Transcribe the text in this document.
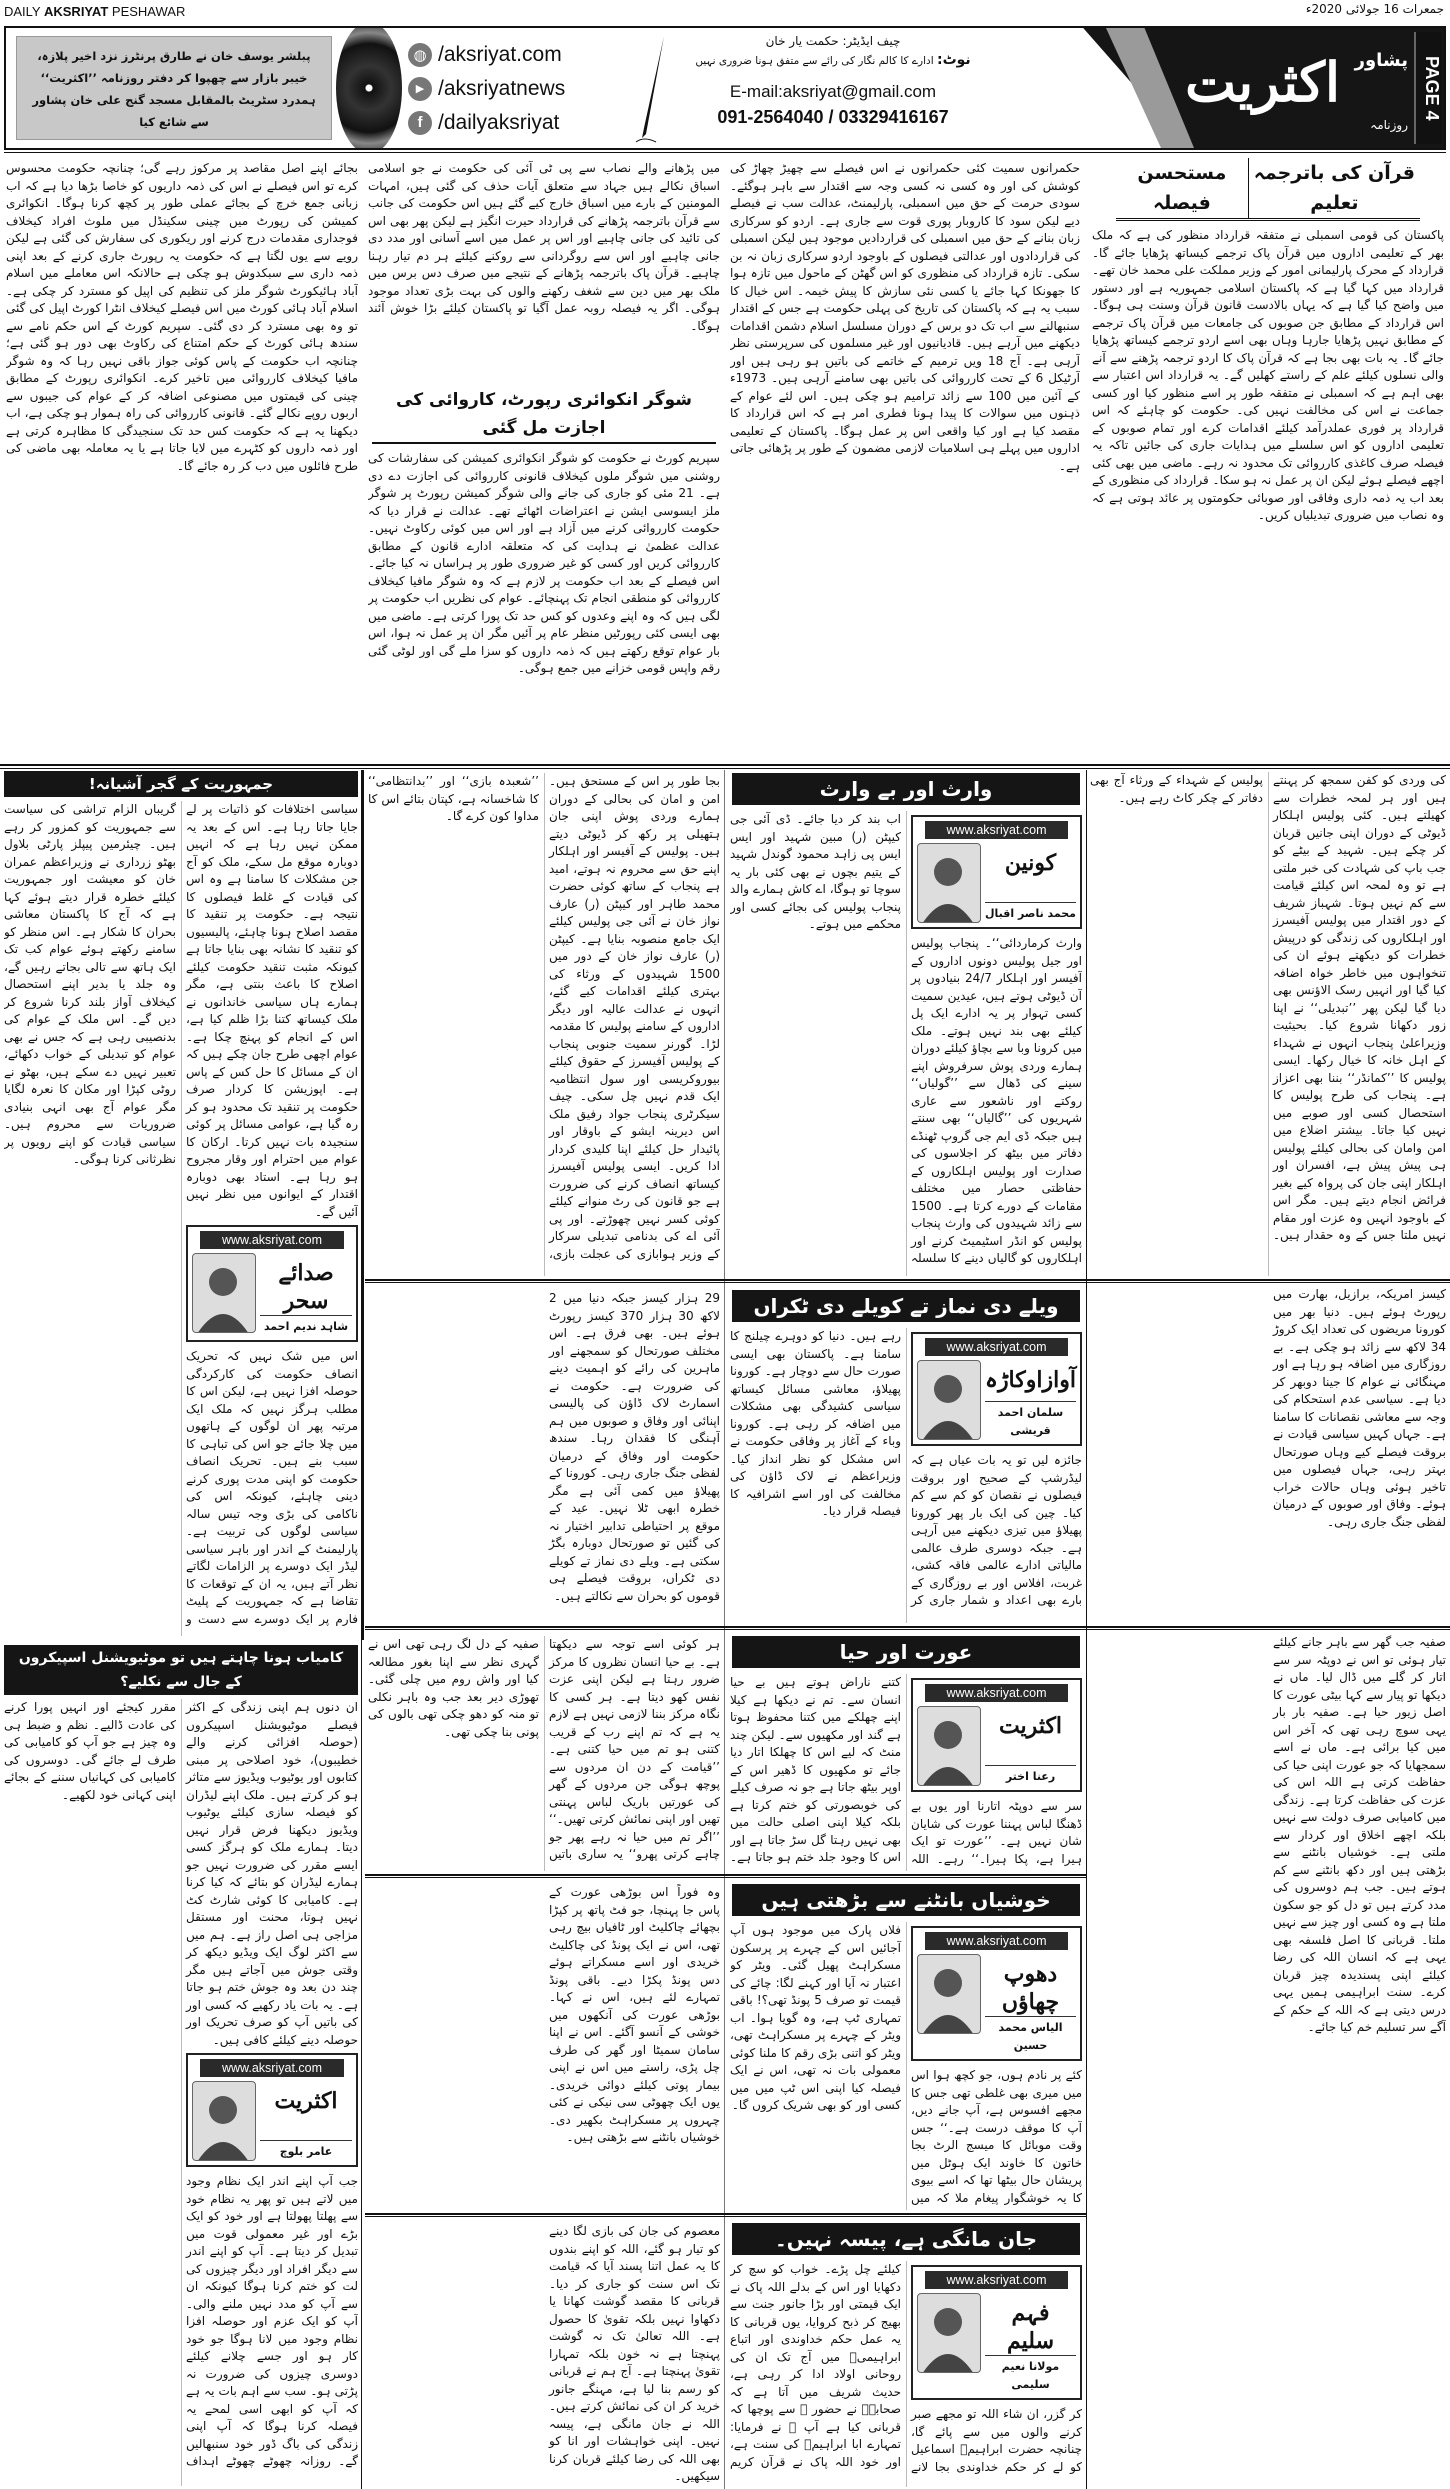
DAILY AKSRIYAT PESHAWAR	جمعرات 16 جولائی 2020ء
PAGE 4
اکثریت پشاور
روزنامہ
چیف ایڈیٹر: حکمت یار خان
نوٹ: ادارے کا کالم نگار کی رائے سے متفق ہونا ضروری نہیں
E-mail:aksriyat@gmail.com
091-2564040 / 03329416167
◍ /aksriyat.com
▶ /aksriyatnews
f /dailyaksriyat
پبلشر یوسف خان نے طارق پرنٹرز نزد اخیر پلازہ، خیبر بازار سے چھپوا کر دفتر روزنامہ ’’اکثریت‘‘ ہمدرد سٹریٹ بالمقابل مسجد گنج علی خان پشاور سے شائع کیا
قرآن کی باترجمہ تعلیم
مستحسن فیصلہ
پاکستان کی قومی اسمبلی نے متفقہ قرارداد منظور کی ہے کہ ملک بھر کے تعلیمی اداروں میں قرآن پاک ترجمے کیساتھ پڑھایا جائے گا۔ قرارداد کے محرک پارلیمانی امور کے وزیر مملکت علی محمد خان تھے۔ قرارداد میں کہا گیا ہے کہ پاکستان اسلامی جمہوریہ ہے اور دستور میں واضح کیا گیا ہے کہ یہاں بالادست قانون قرآن وسنت ہی ہوگا۔ اس قرارداد کے مطابق جن صوبوں کی جامعات میں قرآن پاک ترجمے کے مطابق نہیں پڑھایا جارہا وہاں بھی اسے اردو ترجمے کیساتھ پڑھایا جائے گا۔ یہ بات بھی بجا ہے کہ قرآن پاک کا اردو ترجمہ پڑھنے سے آنے والی نسلوں کیلئے علم کے راستے کھلیں گے۔ یہ قرارداد اس اعتبار سے بھی اہم ہے کہ اسمبلی نے متفقہ طور پر اسے منظور کیا اور کسی جماعت نے اس کی مخالفت نہیں کی۔ حکومت کو چاہئے کہ اس قرارداد پر فوری عملدرآمد کیلئے اقدامات کرے اور تمام صوبوں کے تعلیمی اداروں کو اس سلسلے میں ہدایات جاری کی جائیں تاکہ یہ فیصلہ صرف کاغذی کارروائی تک محدود نہ رہے۔ ماضی میں بھی کئی اچھے فیصلے ہوئے لیکن ان پر عمل نہ ہو سکا۔ قرارداد کی منظوری کے بعد اب یہ ذمہ داری وفاقی اور صوبائی حکومتوں پر عائد ہوتی ہے کہ وہ نصاب میں ضروری تبدیلیاں کریں۔
حکمرانوں سمیت کئی حکمرانوں نے اس فیصلے سے چھیڑ چھاڑ کی کوشش کی اور وہ کسی نہ کسی وجہ سے اقتدار سے باہر ہوگئے۔ سودی حرمت کے حق میں اسمبلی، پارلیمنٹ، عدالت سب نے فیصلے دیے لیکن سود کا کاروبار پوری قوت سے جاری ہے۔ اردو کو سرکاری زبان بنانے کے حق میں اسمبلی کی قراردادیں موجود ہیں لیکن اسمبلی کی قراردادوں اور عدالتی فیصلوں کے باوجود اردو سرکاری زبان نہ بن سکی۔ تازہ قرارداد کی منظوری کو اس گھٹن کے ماحول میں تازہ ہوا کا جھونکا کہا جائے یا کسی نئی سازش کا پیش خیمہ۔ اس خیال کا سبب یہ ہے کہ پاکستان کی تاریخ کی پہلی حکومت ہے جس کے اقتدار سنبھالنے سے اب تک دو برس کے دوران مسلسل اسلام دشمن اقدامات دیکھنے میں آرہے ہیں۔ قادیانیوں اور غیر مسلموں کی سرپرستی نظر آرہی ہے۔ آج 18 ویں ترمیم کے خاتمے کی باتیں ہو رہی ہیں اور آرٹیکل 6 کے تحت کارروائی کی باتیں بھی سامنے آرہی ہیں۔ 1973ء کے آئین میں 100 سے زائد ترامیم ہو چکی ہیں۔ اس لئے عوام کے ذہنوں میں سوالات کا پیدا ہونا فطری امر ہے کہ اس قرارداد کا مقصد کیا ہے اور کیا واقعی اس پر عمل ہوگا۔ پاکستان کے تعلیمی اداروں میں پہلے ہی اسلامیات لازمی مضمون کے طور پر پڑھائی جاتی ہے۔
میں پڑھانے والے نصاب سے پی ٹی آئی کی حکومت نے جو اسلامی اسباق نکالے ہیں جہاد سے متعلق آیات حذف کی گئی ہیں، امہات المومنین کے بارے میں اسباق خارج کیے گئے ہیں اس حکومت کی جانب سے قرآن باترجمہ پڑھانے کی قرارداد حیرت انگیز ہے لیکن پھر بھی اس کی تائید کی جانی چاہیے اور اس پر عمل میں اسے آسانی اور مدد دی جانی چاہیے اور اس سے روگردانی سے روکنے کیلئے ہر دم تیار رہنا چاہیے۔ قرآن پاک باترجمہ پڑھانے کے نتیجے میں صرف دس برس میں ملک بھر میں دین سے شغف رکھنے والوں کی بہت بڑی تعداد موجود ہوگی۔ اگر یہ فیصلہ روبہ عمل آگیا تو پاکستان کیلئے بڑا خوش آئند ہوگا۔
شوگر انکوائری رپورٹ، کاروائی کی اجازت مل گئی
سپریم کورٹ نے حکومت کو شوگر انکوائری کمیشن کی سفارشات کی روشنی میں شوگر ملوں کیخلاف قانونی کارروائی کی اجازت دے دی ہے۔ 21 مئی کو جاری کی جانے والی شوگر کمیشن رپورٹ پر شوگر ملز ایسوسی ایشن نے اعتراضات اٹھائے تھے۔ عدالت نے قرار دیا کہ حکومت کارروائی کرنے میں آزاد ہے اور اس میں کوئی رکاوٹ نہیں۔ عدالت عظمیٰ نے ہدایت کی کہ متعلقہ ادارے قانون کے مطابق کارروائی کریں اور کسی کو غیر ضروری طور پر ہراساں نہ کیا جائے۔ اس فیصلے کے بعد اب حکومت پر لازم ہے کہ وہ شوگر مافیا کیخلاف کارروائی کو منطقی انجام تک پہنچائے۔ عوام کی نظریں اب حکومت پر لگی ہیں کہ وہ اپنے وعدوں کو کس حد تک پورا کرتی ہے۔ ماضی میں بھی ایسی کئی رپورٹیں منظر عام پر آئیں مگر ان پر عمل نہ ہوا، اس بار عوام توقع رکھتے ہیں کہ ذمہ داروں کو سزا ملے گی اور لوٹی گئی رقم واپس قومی خزانے میں جمع ہوگی۔
بجائے اپنے اصل مقاصد پر مرکوز رہے گی؛ چنانچہ حکومت محسوس کرے تو اس فیصلے نے اس کی ذمہ داریوں کو خاصا بڑھا دیا ہے کہ اب زبانی جمع خرچ کے بجائے عملی طور پر کچھ کرنا ہوگا۔ انکوائری کمیشن کی رپورٹ میں چینی سکینڈل میں ملوث افراد کیخلاف فوجداری مقدمات درج کرنے اور ریکوری کی سفارش کی گئی ہے لیکن رویے سے یوں لگتا ہے کہ حکومت یہ رپورٹ جاری کرنے کے بعد اپنی ذمہ داری سے سبکدوش ہو چکی ہے حالانکہ اس معاملے میں اسلام آباد ہائیکورٹ شوگر ملز کی تنظیم کی اپیل کو مسترد کر چکی ہے۔ اسلام آباد ہائی کورٹ میں اس فیصلے کیخلاف انٹرا کورٹ اپیل کی گئی تو وہ بھی مسترد کر دی گئی۔ سپریم کورٹ کے اس حکم نامے سے سندھ ہائی کورٹ کے حکم امتناع کی رکاوٹ بھی دور ہو گئی ہے؛ چنانچہ اب حکومت کے پاس کوئی جواز باقی نہیں رہا کہ وہ شوگر مافیا کیخلاف کارروائی میں تاخیر کرے۔ انکوائری رپورٹ کے مطابق چینی کی قیمتوں میں مصنوعی اضافہ کر کے عوام کی جیبوں سے اربوں روپے نکالے گئے۔ قانونی کارروائی کی راہ ہموار ہو چکی ہے، اب دیکھنا یہ ہے کہ حکومت کس حد تک سنجیدگی کا مظاہرہ کرتی ہے اور ذمہ داروں کو کٹہرے میں لایا جاتا ہے یا یہ معاملہ بھی ماضی کی طرح فائلوں میں دب کر رہ جائے گا۔
جمہوریت کے گجر آشیانہ!
سیاسی اختلافات کو ذاتیات پر لے جایا جاتا رہا ہے۔ اس کے بعد یہ ممکن نہیں رہا ہے کہ انہیں دوبارہ موقع مل سکے، ملک کو آج جن مشکلات کا سامنا ہے وہ اس کی قیادت کے غلط فیصلوں کا نتیجہ ہے۔ حکومت پر تنقید کا مقصد اصلاح ہونا چاہئے، پالیسیوں کو تنقید کا نشانہ بھی بنایا جاتا ہے کیونکہ مثبت تنقید حکومت کیلئے اصلاح کا باعث بنتی ہے، مگر ہمارے ہاں سیاسی خاندانوں نے ملک کیساتھ کتنا بڑا ظلم کیا ہے، اس کے انجام کو پہنچ چکا ہے۔ عوام اچھی طرح جان چکے ہیں کہ ان کے مسائل کا حل کس کے پاس ہے۔ اپوزیشن کا کردار صرف حکومت پر تنقید تک محدود ہو کر رہ گیا ہے، عوامی مسائل پر کوئی سنجیدہ بات نہیں کرتا۔ ارکان کا عوام میں احترام اور وقار مجروح ہو رہا ہے۔ استاد بھی دوبارہ اقتدار کے ایوانوں میں نظر نہیں آئیں گے۔
www.aksriyat.com
صدائے سحر
شاہد ندیم احمد
اس میں شک نہیں کہ تحریک انصاف حکومت کی کارکردگی حوصلہ افزا نہیں ہے، لیکن اس کا مطلب ہرگز نہیں کہ ملک ایک مرتبہ پھر ان لوگوں کے ہاتھوں میں چلا جائے جو اس کی تباہی کا سبب بنے ہیں۔ تحریک انصاف حکومت کو اپنی مدت پوری کرنے دینی چاہئے، کیونکہ اس کی ناکامی کی بڑی وجہ تیس سالہ سیاسی لوگوں کی تربیت ہے۔ پارلیمنٹ کے اندر اور باہر سیاسی لیڈر ایک دوسرے پر الزامات لگاتے نظر آتے ہیں، یہ ان کے توقعات کا تقاضا ہے کہ جمہوریت کے پلیٹ فارم پر ایک دوسرے سے دست و گریباں الزام تراشی کی سیاست سے جمہوریت کو کمزور کر رہے ہیں۔ چیئرمین پیپلز پارٹی بلاول بھٹو زرداری نے وزیراعظم عمران خان کو معیشت اور جمہوریت کیلئے خطرہ قرار دیتے ہوئے کہا ہے کہ آج کا پاکستان معاشی بحران کا شکار ہے۔ اس منظر کو سامنے رکھتے ہوئے عوام کب تک ایک ہاتھ سے تالی بجاتے رہیں گے، وہ جلد یا بدیر اپنے استحصال کیخلاف آواز بلند کرنا شروع کر دیں گے۔ اس ملک کے عوام کی بدنصیبی رہی ہے کہ جس نے بھی عوام کو تبدیلی کے خواب دکھائے، تعبیر نہیں دے سکے ہیں، بھٹو نے روٹی کپڑا اور مکان کا نعرہ لگایا مگر عوام آج بھی انہی بنیادی ضروریات سے محروم ہیں۔ سیاسی قیادت کو اپنے رویوں پر نظرثانی کرنا ہوگی۔
کامیاب ہونا چاہتے ہیں تو موٹیویشنل اسپیکروں کے جال سے نکلیے؟
ان دنوں ہم اپنی زندگی کے اکثر فیصلے موٹیویشنل اسپیکروں (حوصلہ افزائی کرنے والے خطیبوں)، خود اصلاحی پر مبنی کتابوں اور یوٹیوب ویڈیوز سے متاثر ہو کر کرتے ہیں۔ ملک اپنے لیڈران کو فیصلہ سازی کیلئے یوٹیوب ویڈیوز دیکھنا فرض قرار نہیں دیتا۔ ہمارے ملک کو ہرگز کسی ایسے مقرر کی ضرورت نہیں جو ہمارے لیڈران کو بتائے کہ کیا کرنا ہے۔ کامیابی کا کوئی شارٹ کٹ نہیں ہوتا، محنت اور مستقل مزاجی ہی اصل راز ہے۔ ہم میں سے اکثر لوگ ایک ویڈیو دیکھ کر وقتی جوش میں آجاتے ہیں مگر چند دن بعد وہ جوش ختم ہو جاتا ہے۔ یہ بات یاد رکھیے کہ کسی اور کی باتیں آپ کو صرف تحریک اور حوصلہ دینے کیلئے کافی ہیں۔
www.aksriyat.com
اکثریت
عامر بلوچ
جب آپ اپنے اندر ایک نظام وجود میں لاتے ہیں تو پھر یہ نظام خود سے پھلتا پھولتا ہے اور خود کو ایک بڑے اور غیر معمولی قوت میں تبدیل کر دیتا ہے۔ آپ کو اپنے اندر سے دیگر افراد اور دیگر چیزوں کی لت کو ختم کرنا ہوگا کیونکہ ان سے آپ کو مدد نہیں ملنے والی۔ آپ کو ایک عزم اور حوصلہ افزا نظام وجود میں لانا ہوگا جو خود کار ہو اور جسے چلانے کیلئے دوسری چیزوں کی ضرورت نہ پڑتی ہو۔ سب سے اہم بات یہ ہے کہ آپ کو ابھی اسی لمحے یہ فیصلہ کرنا ہوگا کہ آپ اپنی زندگی کی باگ ڈور خود سنبھالیں گے۔ روزانہ چھوٹے چھوٹے اہداف مقرر کیجئے اور انہیں پورا کرنے کی عادت ڈالیے۔ نظم و ضبط ہی وہ چیز ہے جو آپ کو کامیابی کی طرف لے جائے گی۔ دوسروں کی کامیابی کی کہانیاں سننے کے بجائے اپنی کہانی خود لکھیے۔
کی وردی کو کفن سمجھ کر پہنتے ہیں اور ہر لمحہ خطرات سے کھیلتے ہیں۔ کئی پولیس اہلکار ڈیوٹی کے دوران اپنی جانیں قربان کر چکے ہیں۔ شہید کے بیٹے کو جب باپ کی شہادت کی خبر ملتی ہے تو وہ لمحہ اس کیلئے قیامت سے کم نہیں ہوتا۔ شہباز شریف کے دور اقتدار میں پولیس آفیسرز اور اہلکاروں کی زندگی کو درپیش خطرات کو دیکھتے ہوئے ان کی تنخواہوں میں خاطر خواہ اضافہ کیا گیا اور انہیں رسک الاؤنس بھی دیا گیا لیکن پھر ’’تبدیلی‘‘ نے اپنا زور دکھانا شروع کیا۔ بحیثیت وزیراعلیٰ پنجاب انہوں نے شہداء کے اہل خانہ کا خیال رکھا۔ ایسی پولیس کا ’’کمانڈر‘‘ بننا بھی اعزاز ہے۔ پنجاب کی طرح پولیس کا استحصال کسی اور صوبے میں نہیں کیا جاتا۔ بیشتر اضلاع میں امن وامان کی بحالی کیلئے پولیس ہی پیش پیش ہے، افسران اور اہلکار اپنی جان کی پرواہ کیے بغیر فرائض انجام دیتے ہیں۔ مگر اس کے باوجود انہیں وہ عزت اور مقام نہیں ملتا جس کے وہ حقدار ہیں۔ پولیس کے شہداء کے ورثاء آج بھی دفاتر کے چکر کاٹ رہے ہیں۔
کیسز امریکہ، برازیل، بھارت میں رپورٹ ہوئے ہیں۔ دنیا بھر میں کورونا مریضوں کی تعداد ایک کروڑ 34 لاکھ سے زائد ہو چکی ہے۔ بے روزگاری میں اضافہ ہو رہا ہے اور مہنگائی نے عوام کا جینا دوبھر کر دیا ہے۔ سیاسی عدم استحکام کی وجہ سے معاشی نقصانات کا سامنا ہے۔ جہاں کہیں سیاسی قیادت نے بروقت فیصلے کیے وہاں صورتحال بہتر رہی، جہاں فیصلوں میں تاخیر ہوئی وہاں حالات خراب ہوئے۔ وفاق اور صوبوں کے درمیان لفظی جنگ جاری رہی۔
صفیہ جب گھر سے باہر جانے کیلئے تیار ہوئی تو اس نے دوپٹہ سر سے اتار کر گلے میں ڈال لیا۔ ماں نے دیکھا تو پیار سے کہا بیٹی عورت کا اصل زیور حیا ہے۔ صفیہ بار بار یہی سوچ رہی تھی کہ آخر اس میں کیا برائی ہے۔ ماں نے اسے سمجھایا کہ جو عورت اپنی حیا کی حفاظت کرتی ہے اللہ اس کی عزت کی حفاظت کرتا ہے۔ زندگی میں کامیابی صرف دولت سے نہیں بلکہ اچھے اخلاق اور کردار سے ملتی ہے۔ خوشیاں بانٹنے سے بڑھتی ہیں اور دکھ بانٹنے سے کم ہوتے ہیں۔ جب ہم دوسروں کی مدد کرتے ہیں تو دل کو جو سکون ملتا ہے وہ کسی اور چیز سے نہیں ملتا۔ قربانی کا اصل فلسفہ بھی یہی ہے کہ انسان اللہ کی رضا کیلئے اپنی پسندیدہ چیز قربان کرے۔ سنت ابراہیمی ہمیں یہی درس دیتی ہے کہ اللہ کے حکم کے آگے سر تسلیم خم کیا جائے۔
وارث اور بے وارث
www.aksriyat.com
کونین
محمد ناصر اقبال
وارث کرماردائی‘‘۔ پنجاب پولیس اور جیل پولیس دونوں اداروں کے آفیسر اور اہلکار 24/7 بنیادوں پر آن ڈیوٹی ہوتے ہیں، عیدین سمیت کسی تہوار پر یہ ادارے ایک پل کیلئے بھی بند نہیں ہوتے۔ ملک میں کرونا وبا سے بچاؤ کیلئے دوران ہمارے وردی پوش سرفروش اپنے سینے کی ڈھال سے ’’گولیاں‘‘ روکتے اور ناشعور سے عاری شہریوں کی ’’گالیاں‘‘ بھی سنتے ہیں جبکہ ڈی ایم جی گروپ ٹھنڈے دفاتر میں بیٹھ کر اجلاسوں کی صدارت اور پولیس اہلکاروں کے حفاظتی حصار میں مختلف مقامات کے دورے کرتا ہے۔ 1500 سے زائد شہیدوں کی وارث پنجاب پولیس کو انڈر اسٹیمیٹ کرنے اور اہلکاروں کو گالیاں دینے کا سلسلہ اب بند کر دیا جائے۔ ڈی آئی جی کیپٹن (ر) مبین شہید اور ایس ایس پی زاہد محمود گوندل شہید کے یتیم بچوں نے بھی کئی بار یہ سوچا تو ہوگا، اے کاش ہمارے والد پنجاب پولیس کی بجائے کسی اور محکمے میں ہوتے۔
بجا طور پر اس کے مستحق ہیں۔ امن و امان کی بحالی کے دوران ہمارے وردی پوش اپنی جان ہتھیلی پر رکھ کر ڈیوٹی دیتے ہیں۔ پولیس کے آفیسر اور اہلکار اپنے حق سے محروم نہ ہوتے، امید ہے پنجاب کے ساتھ کوئی حضرت محمد طاہر اور کیپٹن (ر) عارف نواز خان نے آئی جی پولیس کیلئے ایک جامع منصوبہ بنایا ہے۔ کیپٹن (ر) عارف نواز خان کے دور میں 1500 شہیدوں کے ورثاء کی بہتری کیلئے اقدامات کیے گئے، انہوں نے عدالت عالیہ اور دیگر اداروں کے سامنے پولیس کا مقدمہ لڑا۔ گورنر سمیت جنوبی پنجاب کے پولیس آفیسرز کے حقوق کیلئے بیوروکریسی اور سول انتظامیہ ایک قدم نہیں چل سکی۔ چیف سیکرٹری پنجاب جواد رفیق ملک اس دیرینہ ایشو کے باوقار اور پائیدار حل کیلئے اپنا کلیدی کردار ادا کریں۔ ایسی پولیس آفیسرز کیساتھ انصاف کرنے کی ضرورت ہے جو قانون کی رٹ منوانے کیلئے کوئی کسر نہیں چھوڑتے۔ اور پی آئی اے کی بدنامی تبدیلی سرکار کے وزیر ہوابازی کی عجلت بازی، ’’شعبدہ بازی‘‘ اور ’’بدانتظامی‘‘ کا شاخسانہ ہے، کپتان بتائے اس کا مداوا کون کرے گا۔
ویلے دی نماز تے کویلے دی ٹکراں
www.aksriyat.com
آوازاوکاڑہ
سلمان احمد قریشی
جائزہ لیں تو یہ بات عیاں ہے کہ لیڈرشپ کے صحیح اور بروقت فیصلوں نے نقصان کو کم سے کم کیا۔ چین کی ایک بار پھر کورونا پھیلاؤ میں تیزی دیکھنے میں آرہی ہے۔ جبکہ دوسری طرف عالمی مالیاتی ادارے عالمی فاقہ کشی، غربت، افلاس اور بے روزگاری کے بارے بھی اعداد و شمار جاری کر رہے ہیں۔ دنیا کو دوہرے چیلنج کا سامنا ہے۔ پاکستان بھی ایسی صورت حال سے دوچار ہے۔ کورونا پھیلاؤ، معاشی مسائل کیساتھ سیاسی کشیدگی بھی مشکلات میں اضافہ کر رہی ہے۔ کورونا وباء کے آغاز پر وفاقی حکومت نے اس مشکل کو نظر انداز کیا۔ وزیراعظم نے لاک ڈاؤن کی مخالفت کی اور اسے اشرافیہ کا فیصلہ قرار دیا۔
29 ہزار کیسز جبکہ دنیا میں 2 لاکھ 30 ہزار 370 کیسز رپورٹ ہوئے ہیں۔ بھی فرق ہے۔ اس مختلف صورتحال کو سمجھنے اور ماہرین کی رائے کو اہمیت دینے کی ضرورت ہے۔ حکومت نے اسمارٹ لاک ڈاؤن کی پالیسی اپنائی اور وفاق و صوبوں میں ہم آہنگی کا فقدان رہا۔ سندھ حکومت اور وفاق کے درمیان لفظی جنگ جاری رہی۔ کورونا کے پھیلاؤ میں کمی آئی ہے مگر خطرہ ابھی ٹلا نہیں۔ عید کے موقع پر احتیاطی تدابیر اختیار نہ کی گئیں تو صورتحال دوبارہ بگڑ سکتی ہے۔ ویلے دی نماز تے کویلے دی ٹکراں، بروقت فیصلے ہی قوموں کو بحران سے نکالتے ہیں۔
عورت اور حیا
www.aksriyat.com
اکثریت
رعنا اختر
سر سے دوپٹہ اتارنا اور یوں بے ڈھنگا لباس پہننا عورت کی شایان شان نہیں ہے۔ ’’عورت تو ایک ہیرا ہے، پکا ہیرا۔‘‘ رہے۔ اللہ کتنے ناراض ہوتے ہیں بے حیا انسان سے۔ تم نے دیکھا ہے کیلا اپنے چھلکے میں کتنا محفوظ ہوتا ہے گند اور مکھیوں سے۔ لیکن چند منٹ کہ لیے اس کا چھلکا اتار دیا جائے تو مکھیوں کا ڈھیر اس کے اوپر بیٹھ جاتا ہے جو نہ صرف کیلے کی خوبصورتی کو ختم کرتا ہے بلکہ کیلا اپنی اصلی حالت میں بھی نہیں رہتا گل سڑ جاتا ہے اور اس کا وجود جلد ختم ہو جاتا ہے۔
ہر کوئی اسے توجہ سے دیکھتا ہے۔ بے حیا انسان نظروں کا مرکز ضرور رہتا ہے لیکن اپنی عزت نفس کھو دیتا ہے۔ ہر کسی کا نگاہ مرکز بننا لازمی نہیں ہے لازم یہ ہے کہ تم اپنے رب کے قریب کتنی ہو تم میں حیا کتنی ہے۔ ’’قیامت کے دن ان مردوں سے پوچھ ہوگی جن مردوں کے گھر کی عورتیں باریک لباس پہنتی تھیں اور اپنی نمائش کرتی تھیں۔‘‘ ’’اگر تم میں حیا نہ رہے پھر جو چاہے کرتی پھرو‘‘ یہ ساری باتیں صفیہ کے دل لگ رہی تھی اس نے گہری نظر سے اپنا بغور مطالعہ کیا اور واش روم میں چلی گئی۔ تھوڑی دیر بعد جب وہ باہر نکلی تو منہ کو دھو چکی تھی بالوں کی پونی بنا چکی تھی۔
خوشیاں بانٹنے سے بڑھتی ہیں
www.aksriyat.com
دھوپ چھاؤں
الیاس محمد حسین
کئے پر نادم ہوں، جو کچھ ہوا اس میں میری بھی غلطی تھی جس کا مجھے افسوس ہے، آپ جانے دیں، آپ کا موقف درست ہے۔‘‘ جس وقت موبائل کا میسج الرٹ بجا خاتون کا خاوند ایک ہوٹل میں پریشان حال بیٹھا تھا کہ اسے بیوی کا یہ خوشگوار پیغام ملا کہ میں فلاں پارک میں موجود ہوں آپ آجائیں اس کے چہرے پر پرسکون مسکراہٹ پھیل گئی۔ ویٹر کو اعتبار نہ آیا اور کہنے لگا: چائے کی قیمت تو صرف 5 پونڈ تھی؟! باقی تمہاری ٹپ ہے، وہ گویا ہوا۔ اب ویٹر کے چہرے پر مسکراہٹ تھی، ویٹر کو اتنی بڑی رقم کا ملنا کوئی معمولی بات نہ تھی، اس نے ایک فیصلہ کیا اپنی اس ٹپ میں میں کسی اور کو بھی شریک کروں گا۔
وہ فوراً اس بوڑھی عورت کے پاس جا پہنچا، جو فٹ پاتھ پر کپڑا بچھائے چاکلیٹ اور ٹافیاں بیچ رہی تھی، اس نے ایک پونڈ کی چاکلیٹ خریدی اور اسے مسکراتے ہوئے دس پونڈ پکڑا دیے۔ باقی پونڈ تمہارے لئے ہیں، اس نے کہا۔ بوڑھی عورت کی آنکھوں میں خوشی کے آنسو آگئے۔ اس نے اپنا سامان سمیٹا اور گھر کی طرف چل پڑی، راستے میں اس نے اپنی بیمار پوتی کیلئے دوائی خریدی۔ یوں ایک چھوٹی سی نیکی نے کئی چہروں پر مسکراہٹ بکھیر دی۔ خوشیاں بانٹنے سے بڑھتی ہیں۔
جان مانگی ہے، پیسہ نہیں۔
www.aksriyat.com
فہم سلیم
مولانا نعیم سلیمی
کر گزر، ان شاء اللہ تو مجھے صبر کرنے والوں میں سے پائے گا، چنانچہ حضرت ابراہیمؑ اسماعیل کو لے کر حکم خداوندی بجا لانے کیلئے چل پڑے۔ خواب کو سچ کر دکھایا اور اس کے بدلے اللہ پاک نے ایک قیمتی اور بڑا جانور جنت سے بھیج کر ذبح کروایا، یوں قربانی کا یہ عمل حکم خداوندی اور اتباع ابراہیمیؑ میں آج تک ان کی روحانی اولاد ادا کر رہی ہے، حدیث شریف میں آتا ہے کہ صحابہؓ نے حضور ﷺ سے پوچھا کہ قربانی کیا ہے آپ ﷺ نے فرمایا: تمہارے ابا ابراہیمؑ کی سنت ہے، اور خود اللہ پاک نے قرآن کریم
معصوم کی جان کی بازی لگا دینے کو تیار ہو گئے، اللہ کو اپنے بندوں کا یہ عمل اتنا پسند آیا کہ قیامت تک اس سنت کو جاری کر دیا۔ قربانی کا مقصد گوشت کھانا یا دکھاوا نہیں بلکہ تقویٰ کا حصول ہے۔ اللہ تعالیٰ تک نہ گوشت پہنچتا ہے نہ خون بلکہ تمہارا تقویٰ پہنچتا ہے۔ آج ہم نے قربانی کو رسم بنا لیا ہے، مہنگے جانور خرید کر ان کی نمائش کرتے ہیں۔ اللہ نے جان مانگی ہے، پیسہ نہیں۔ اپنی خواہشات اور انا کو بھی اللہ کی رضا کیلئے قربان کرنا سیکھیں۔
